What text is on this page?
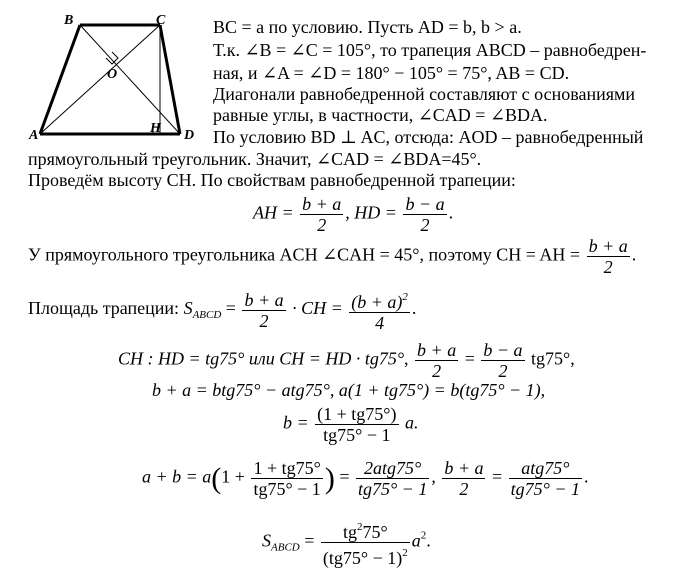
B	C
O
A	H D
BC = a по условию. Пусть AD = b, b > a.
Т.к. ∠B = ∠C = 105°, то трапеция ABCD – равнобедрен-
ная, и ∠A = ∠D = 180° − 105° = 75°, AB = CD.
Диагонали равнобедренной составляют с основаниями
равные углы, в частности, ∠CAD = ∠BDA.
По условию BD ⊥ AC, отсюда: AOD – равнобедренный
прямоугольный треугольник. Значит, ∠CAD = ∠BDA=45°.
Проведём высоту CH. По свойствам равнобедренной трапеции:
AH = $\frac{b + a}{2}$ , HD = $\frac{b - a}{2}$ .
У прямоугольного треугольника ACH ∠CAH = 45°, поэтому CH = AH = $\frac{b + a}{2}$ .
Площадь трапеции: $S_{ABCD} = \frac{b + a}{2}$ · CH = $\frac{(b + a)^2}{4}$ .
CH : HD = tg75° или CH = HD · tg75°, $\frac{b + a}{2} = \frac{b - a}{2} tg75^\circ$,
b + a = btg75° − atg75°, a(1 + tg75°) = b(tg75° − 1),
$b = \frac{(1 + tg75^\circ)}{tg75^\circ - 1} a$.
$a + b = a(1 + \frac{1 + tg75^\circ}{tg75^\circ - 1}$ ) = $\frac{\text{2atg75°}}{tg75^\circ - 1}$ , $\frac{b + a}{2} = \frac{\text{atg75°}}{tg75^\circ - 1}$ .
$S_{ABCD} = \frac{tg^275^\circ}{(tg75^\circ - 1)^2} a^2$.
